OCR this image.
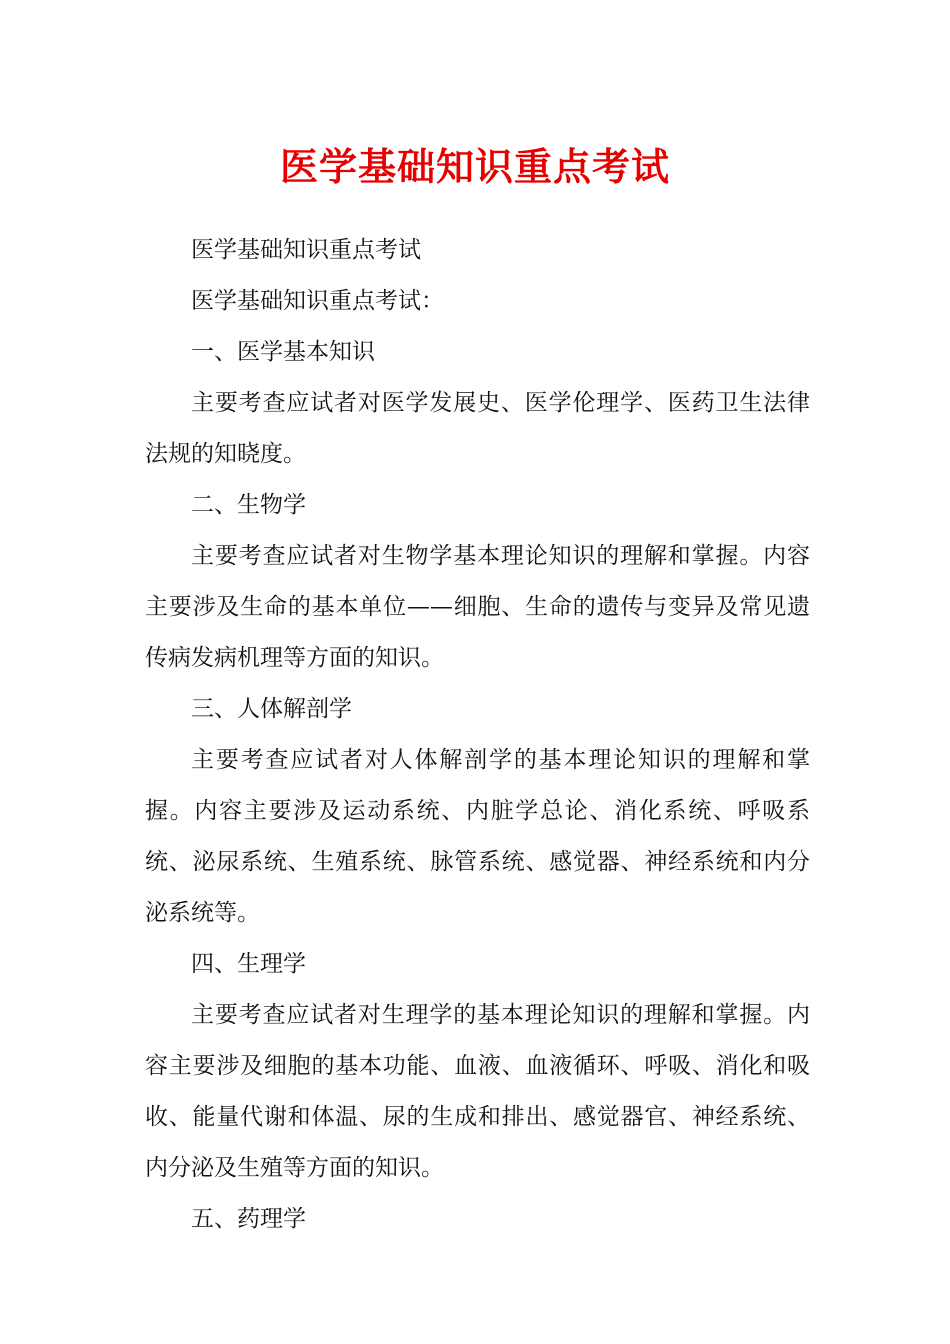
医学基础知识重点考试

医学基础知识重点考试

医学基础知识重点考试：

一、医学基本知识

主要考查应试者对医学发展史、医学伦理学、医药卫生法律法规的知晓度。

二、生物学

主要考查应试者对生物学基本理论知识的理解和掌握。内容主要涉及生命的基本单位——细胞、生命的遗传与变异及常见遗传病发病机理等方面的知识。

三、人体解剖学

主要考查应试者对人体解剖学的基本理论知识的理解和掌握。内容主要涉及运动系统、内脏学总论、消化系统、呼吸系统、泌尿系统、生殖系统、脉管系统、感觉器、神经系统和内分泌系统等。

四、生理学

主要考查应试者对生理学的基本理论知识的理解和掌握。内容主要涉及细胞的基本功能、血液、血液循环、呼吸、消化和吸收、能量代谢和体温、尿的生成和排出、感觉器官、神经系统、内分泌及生殖等方面的知识。

五、药理学
